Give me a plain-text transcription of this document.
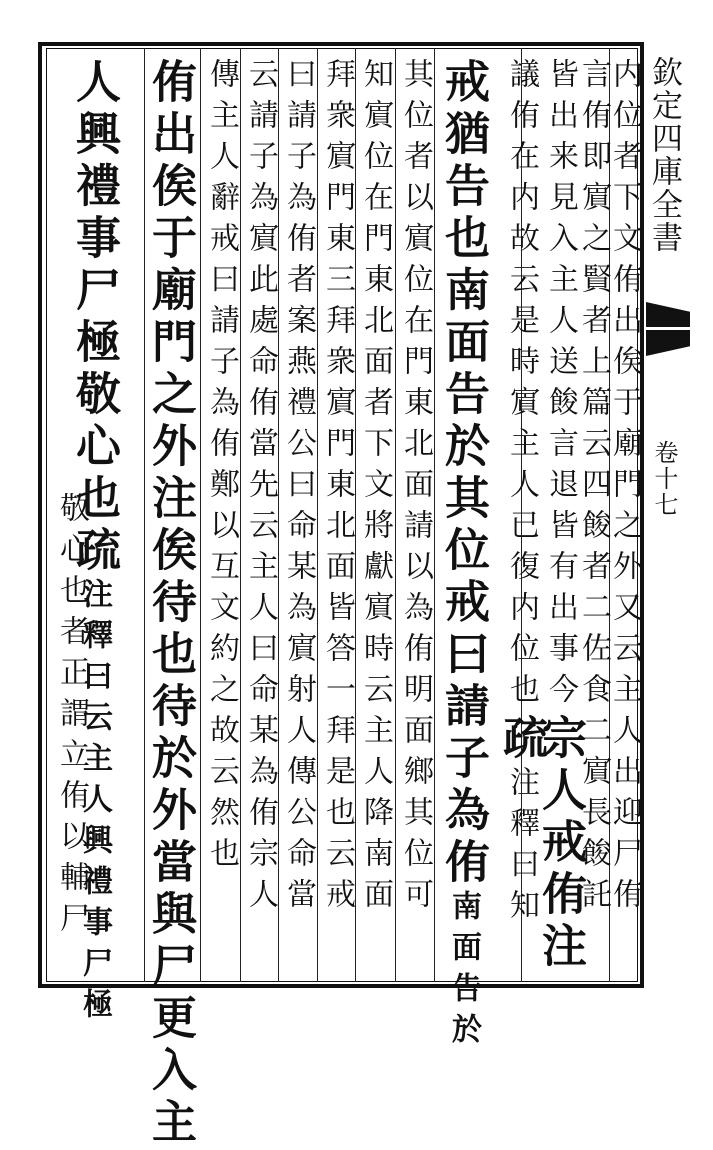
欽定四庫全書
卷十七
内位者下文侑出俟于廟門之外又云主人出迎尸侑
言侑即賔之賢者上篇云四餕者二佐食二賔長餕託
皆出来見入主人送餕言退皆有出事今宗人戒侑注
議侑在内故云是時賔主人已復内位也疏注釋曰知
戒猶告也南面告於其位戒曰請子為侑南面告於
其位者以賔位在門東北面請以為侑明面鄉其位可
知賔位在門東北面者下文將獻賔時云主人降南面
拜衆賔門東三拜衆賔門東北面皆答一拜是也云戒
曰請子為侑者案燕禮公曰命某為賔射人傳公命當
云請子為賔此處命侑當先云主人曰命某為侑宗人
傳主人辭戒曰請子為侑鄭以互文約之故云然也
侑出俟于廟門之外注俟待也待於外當與尸更入主
人興禮事尸極敬心也疏注釋曰云主人興禮事尸極
敬心也者正謂立侑以輔尸
